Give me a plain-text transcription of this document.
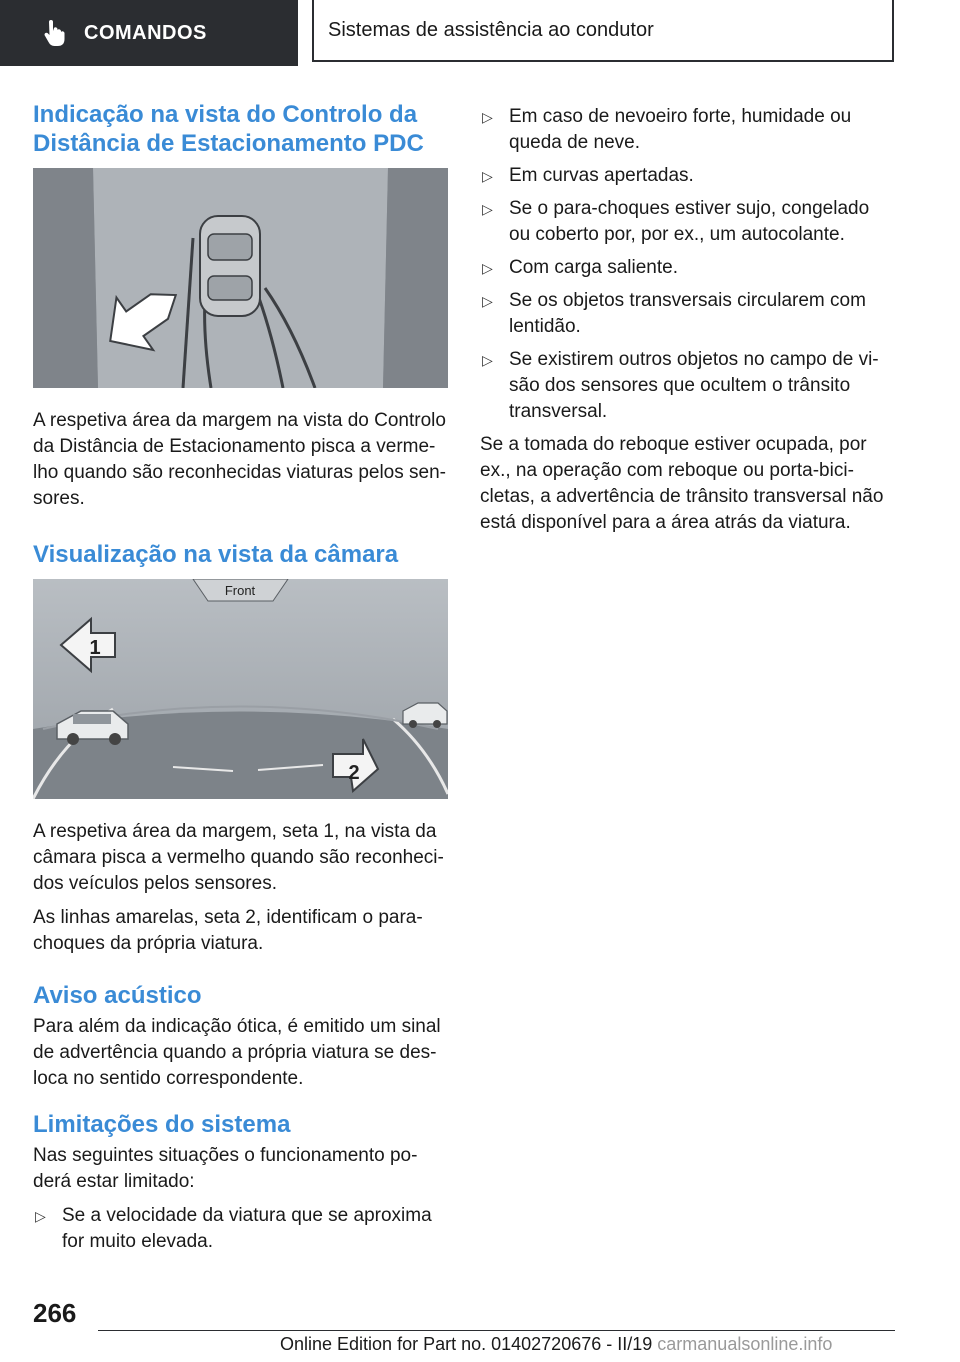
COMANDOS	Sistemas de assistência ao condutor
Indicação na vista do Controlo da Distância de Estacionamento PDC

A respetiva área da margem na vista do Controlo da Distância de Estacionamento pisca a vermelho quando são reconhecidas viaturas pelos sensores.

Visualização na vista da câmara
Front
1
2

A respetiva área da margem, seta 1, na vista da câmara pisca a vermelho quando são reconhecidos veículos pelos sensores.

As linhas amarelas, seta 2, identificam o para-choques da própria viatura.

Aviso acústico

Para além da indicação ótica, é emitido um sinal de advertência quando a própria viatura se desloca no sentido correspondente.

Limitações do sistema

Nas seguintes situações o funcionamento poderá estar limitado:

▷ Se a velocidade da viatura que se aproxima for muito elevada.
▷ Em caso de nevoeiro forte, humidade ou queda de neve.
▷ Em curvas apertadas.
▷ Se o para-choques estiver sujo, congelado ou coberto por, por ex., um autocolante.
▷ Com carga saliente.
▷ Se os objetos transversais circularem com lentidão.
▷ Se existirem outros objetos no campo de visão dos sensores que ocultem o trânsito transversal.

Se a tomada do reboque estiver ocupada, por ex., na operação com reboque ou porta-bicicletas, a advertência de trânsito transversal não está disponível para a área atrás da viatura.

266
Online Edition for Part no. 01402720676 - II/19 carmanualsonline.info
